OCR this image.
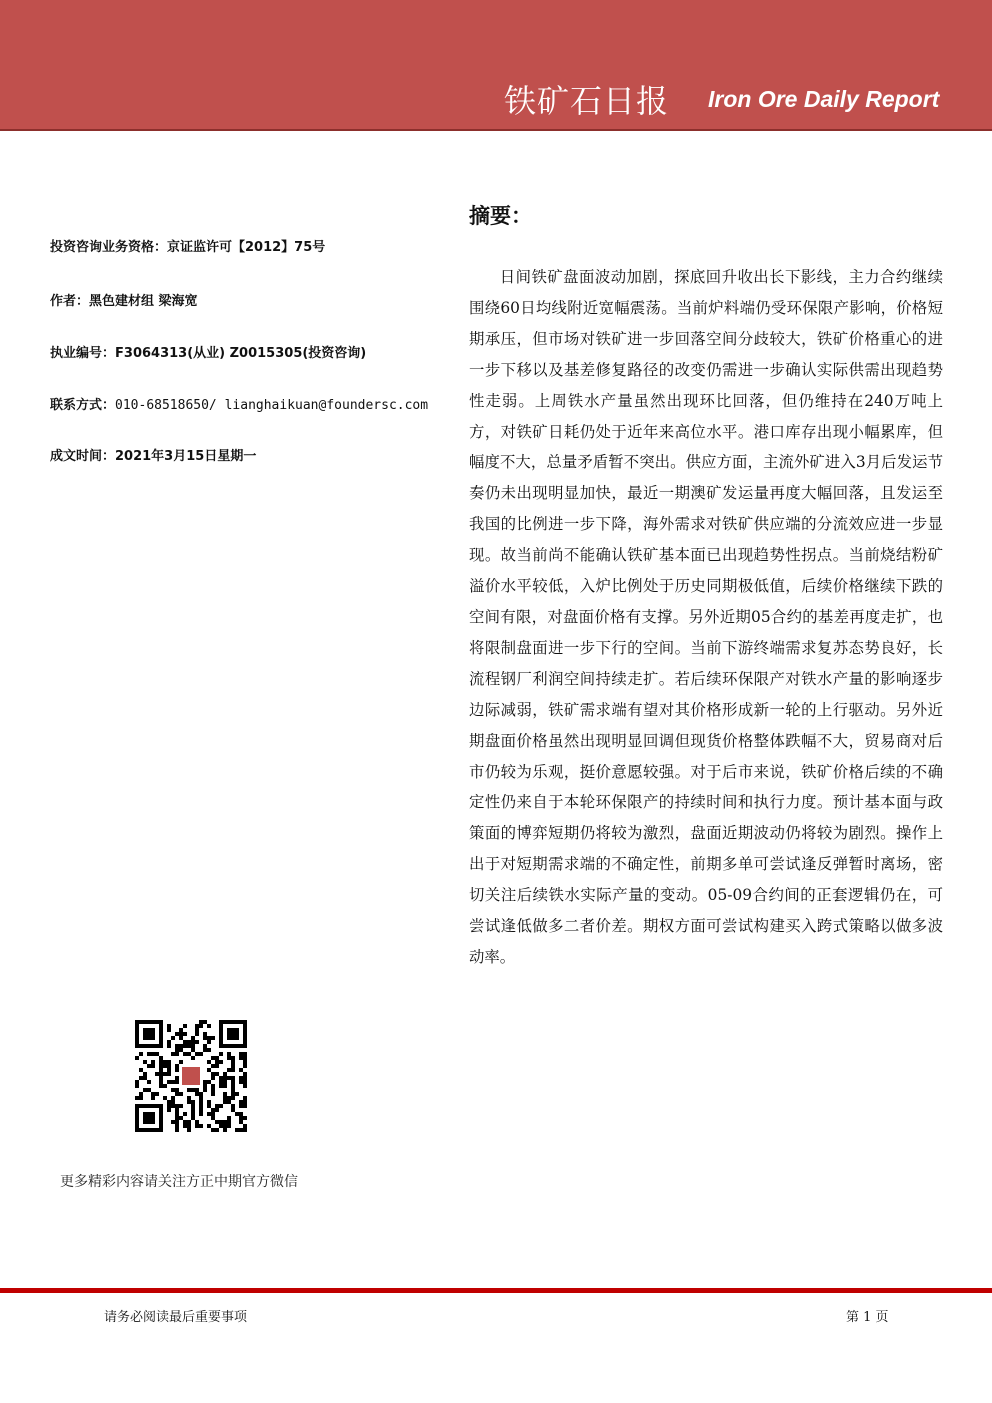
铁矿石日报 Iron Ore Daily Report
投资咨询业务资格：京证监许可【2012】75号
作者：黑色建材组 梁海宽
执业编号：F3064313(从业) Z0015305(投资咨询)
联系方式：010-68518650/ lianghaikuan@foundersc.com
成文时间：2021年3月15日星期一
摘要：
日间铁矿盘面波动加剧，探底回升收出长下影线，主力合约继续围绕60日均线附近宽幅震荡。当前炉料端仍受环保限产影响，价格短期承压，但市场对铁矿进一步回落空间分歧较大，铁矿价格重心的进一步下移以及基差修复路径的改变仍需进一步确认实际供需出现趋势性走弱。上周铁水产量虽然出现环比回落，但仍维持在240万吨上方，对铁矿日耗仍处于近年来高位水平。港口库存出现小幅累库，但幅度不大，总量矛盾暂不突出。供应方面，主流外矿进入3月后发运节奏仍未出现明显加快，最近一期澳矿发运量再度大幅回落，且发运至我国的比例进一步下降，海外需求对铁矿供应端的分流效应进一步显现。故当前尚不能确认铁矿基本面已出现趋势性拐点。当前烧结粉矿溢价水平较低，入炉比例处于历史同期极低值，后续价格继续下跌的空间有限，对盘面价格有支撑。另外近期05合约的基差再度走扩，也将限制盘面进一步下行的空间。当前下游终端需求复苏态势良好，长流程钢厂利润空间持续走扩。若后续环保限产对铁水产量的影响逐步边际减弱，铁矿需求端有望对其价格形成新一轮的上行驱动。另外近期盘面价格虽然出现明显回调但现货价格整体跌幅不大，贸易商对后市仍较为乐观，挺价意愿较强。对于后市来说，铁矿价格后续的不确定性仍来自于本轮环保限产的持续时间和执行力度。预计基本面与政策面的博弈短期仍将较为激烈，盘面近期波动仍将较为剧烈。操作上出于对短期需求端的不确定性，前期多单可尝试逢反弹暂时离场，密切关注后续铁水实际产量的变动。05-09合约间的正套逻辑仍在，可尝试逢低做多二者价差。期权方面可尝试构建买入跨式策略以做多波动率。
更多精彩内容请关注方正中期官方微信
请务必阅读最后重要事项	第 1 页
